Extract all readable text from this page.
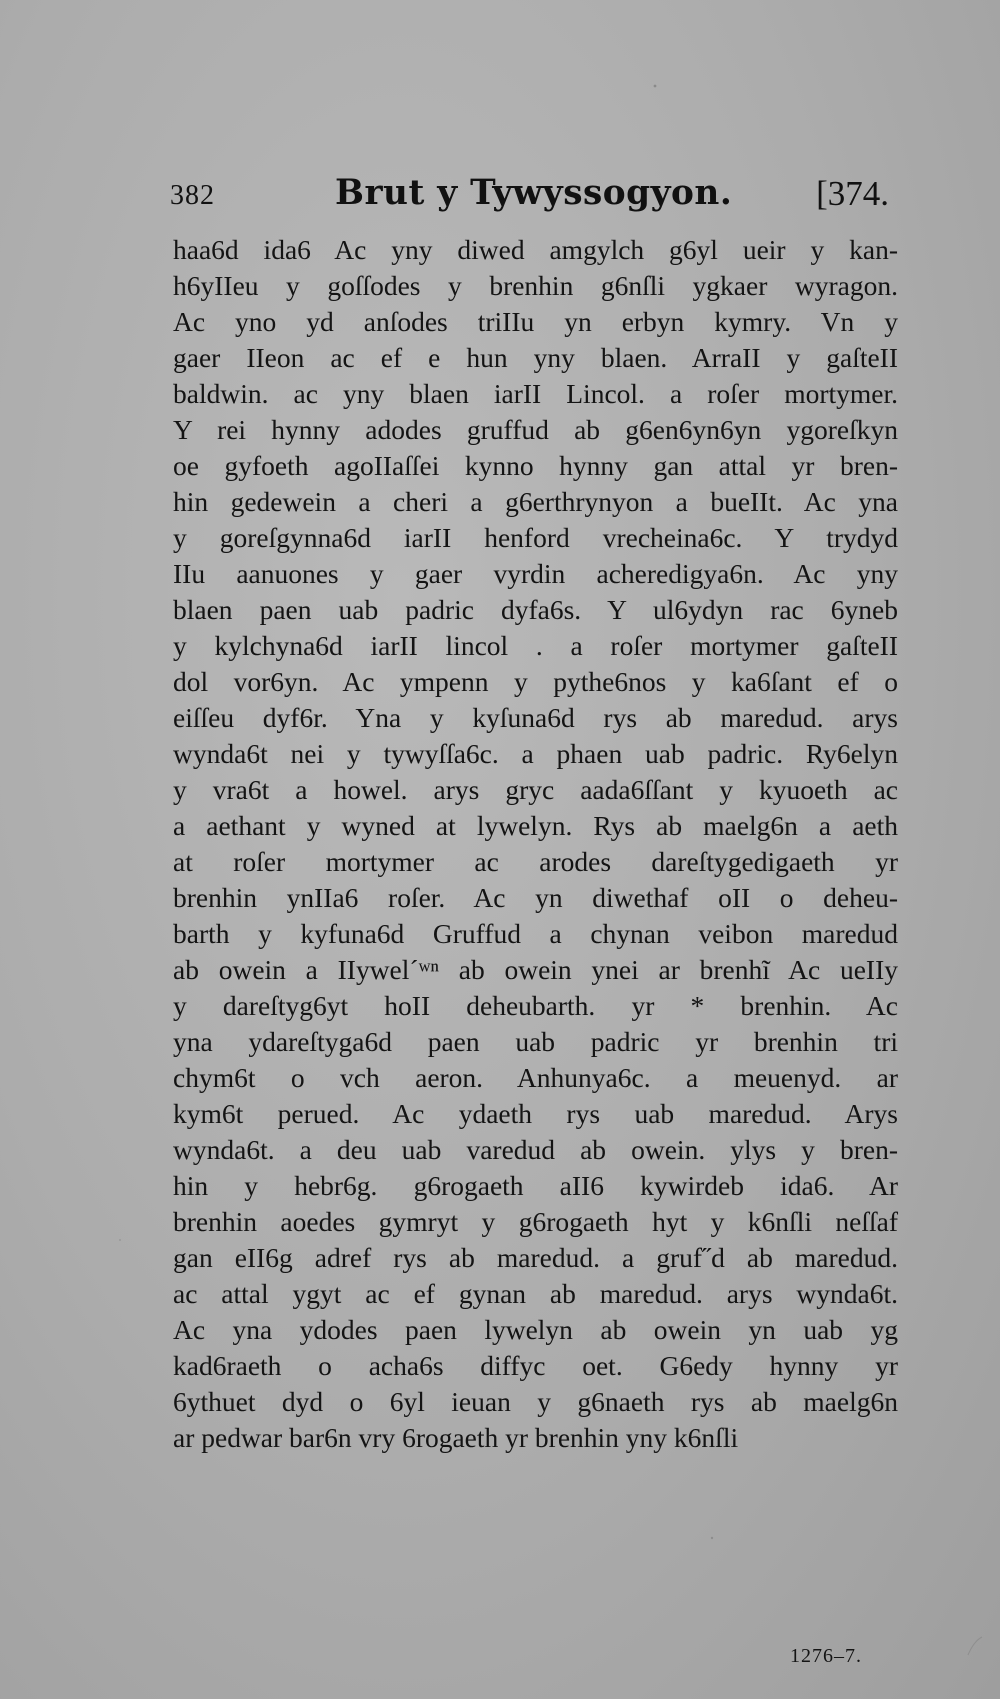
382	Brut y Tywyssogyon. [374.
haa6d ida6 Ac yny diwed amgylch g6yl ueir y kan-
h6yIIeu y goſſodes y brenhin g6nſli ygkaer wyragon.
Ac yno yd anſodes triIIu yn erbyn kymry. Vn y
gaer IIeon ac ef e hun yny blaen. ArraII y gaſteII
baldwin. ac yny blaen iarII Lincol. a roſer mortymer.
Y rei hynny adodes gruffud ab g6en6yn6yn ygoreſkyn
oe gyfoeth agoIIaſſei kynno hynny gan attal yr bren-
hin gedewein a cheri a g6erthrynyon a bueIIt. Ac yna
y goreſgynna6d iarII henford vrecheina6c. Y trydyd
IIu aanuones y gaer vyrdin acheredigya6n. Ac yny
blaen paen uab padric dyfa6s. Y ul6ydyn rac 6yneb
y kylchyna6d iarII lincol . a roſer mortymer gaſteII
dol vor6yn. Ac ympenn y pythe6nos y ka6ſant ef o
eiſſeu dyf6r. Yna y kyſuna6d rys ab maredud. arys
wynda6t nei y tywyſſa6c. a phaen uab padric. Ry6elyn
y vra6t a howel. arys gryc aada6ſſant y kyuoeth ac
a aethant y wyned at lywelyn. Rys ab maelg6n a aeth
at roſer mortymer ac arodes dareſtygedigaeth yr
brenhin ynIIa6 roſer. Ac yn diwethaf oII o deheu-
barth y kyfuna6d Gruffud a chynan veibon maredud
ab owein a IIywel´ʷⁿ ab owein ynei ar brenhĩ Ac ueIIy
y dareſtyg6yt hoII deheubarth. yr * brenhin. Ac
yna ydareſtyga6d paen uab padric yr brenhin tri
chym6t o vch aeron. Anhunya6c. a meuenyd. ar
kym6t perued. Ac ydaeth rys uab maredud. Arys
wynda6t. a deu uab varedud ab owein. ylys y bren-
hin y hebr6g. g6rogaeth aII6 kywirdeb ida6. Ar
brenhin aoedes gymryt y g6rogaeth hyt y k6nſli neſſaf
gan eII6g adref rys ab maredud. a gruf˝d ab maredud.
ac attal ygyt ac ef gynan ab maredud. arys wynda6t.
Ac yna ydodes paen lywelyn ab owein yn uab yg
kad6raeth o acha6s diffyc oet. G6edy hynny yr
6ythuet dyd o 6yl ieuan y g6naeth rys ab maelg6n
ar pedwar bar6n vry 6rogaeth yr brenhin yny k6nſli
1276–7.
